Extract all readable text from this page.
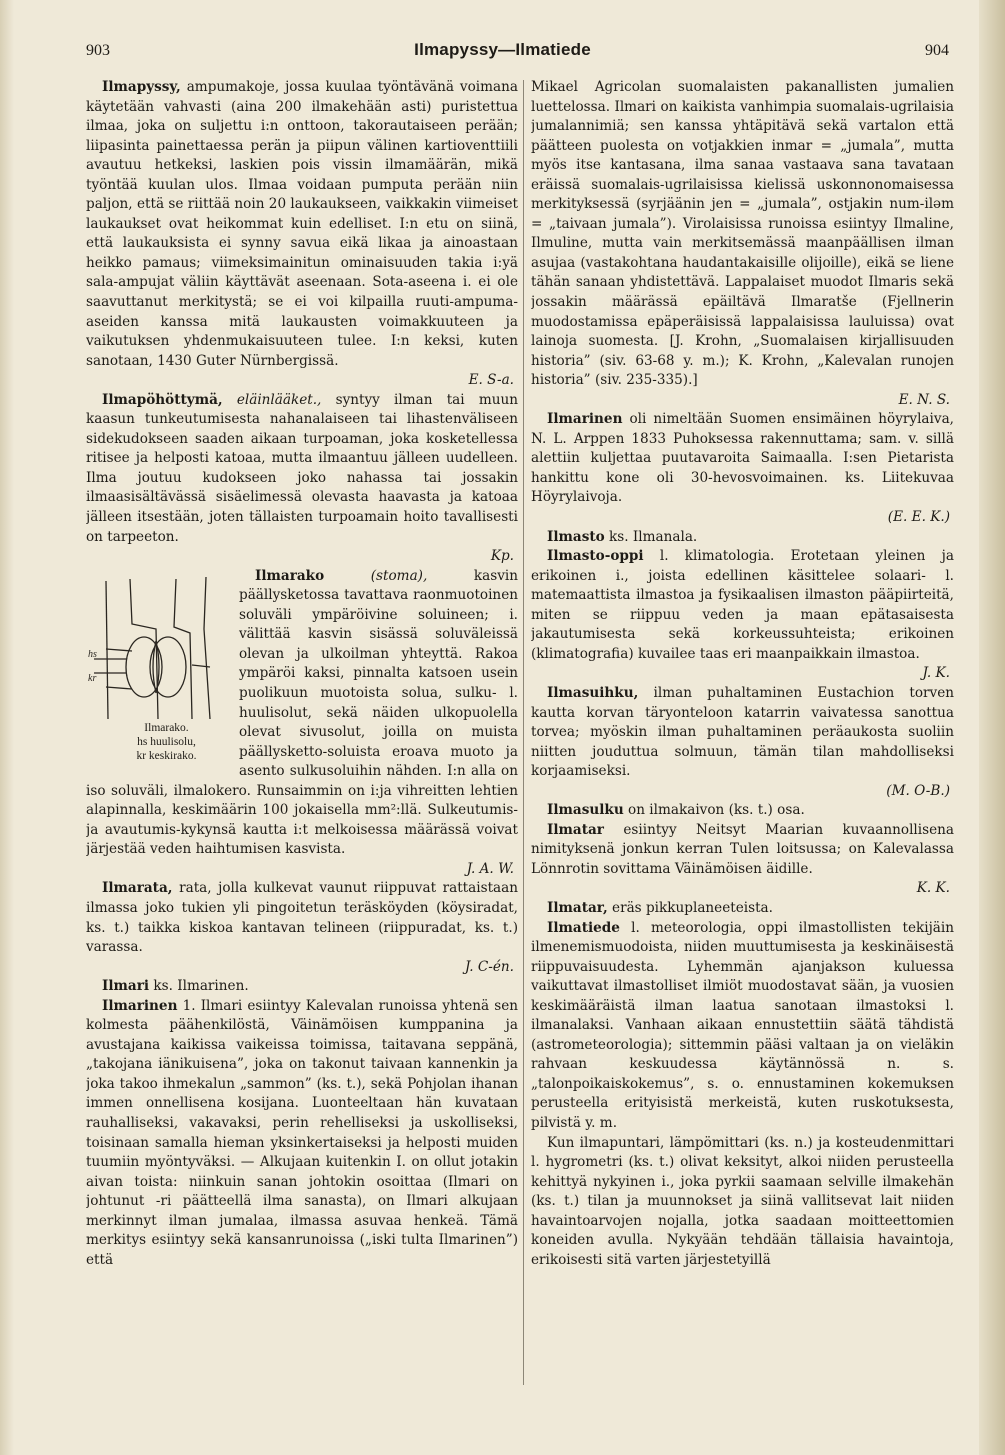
903	Ilmapyssy—Ilmatiede	904

Ilmapyssy, ampumakoje, jossa kuulaa työntävänä voimana käytetään vahvasti (aina 200 ilmakehään asti) puristettua ilmaa, joka on suljettu i:n onttoon, takorautaiseen perään; liipasinta painettaessa perän ja piipun välinen kartioventtiili avautuu hetkeksi, laskien pois vissin ilmamäärän, mikä työntää kuulan ulos. Ilmaa voidaan pumputa perään niin paljon, että se riittää noin 20 laukaukseen, vaikkakin viimeiset laukaukset ovat heikommat kuin edelliset. I:n etu on siinä, että laukauksista ei synny savua eikä likaa ja ainoastaan heikko pamaus; viimeksimainitun ominaisuuden takia i:yä sala-ampujat väliin käyttävät aseenaan. Sota-aseena i. ei ole saavuttanut merkitystä; se ei voi kilpailla ruuti-ampuma-aseiden kanssa mitä laukausten voimakkuuteen ja vaikutuksen yhdenmukaisuuteen tulee. I:n keksi, kuten sanotaan, 1430 Guter Nürnbergissä.
E. S-a.

Ilmapöhöttymä, eläinlääket., syntyy ilman tai muun kaasun tunkeutumisesta nahanalaiseen tai lihastenväliseen sidekudokseen saaden aikaan turpoaman, joka kosketellessa ritisee ja helposti katoaa, mutta ilmaantuu jälleen uudelleen. Ilma joutuu kudokseen joko nahassa tai jossakin ilmaasisältävässä sisäelimessä olevasta haavasta ja katoaa jälleen itsestään, joten tällaisten turpoamain hoito tavallisesti on tarpeeton.
Kp.

Ilmarako (stoma),
hs
kr
Ilmarako.
hs huulisolu,
kr keskirako.
kasvin päällysketossa tavattava raonmuotoinen soluväli ympäröivine soluineen; i. välittää kasvin sisässä soluväleissä olevan ja ulkoilman yhteyttä. Rakoa ympäröi kaksi, pinnalta katsoen usein puolikuun muotoista solua, sulku- l. huulisolut, sekä näiden ulkopuolella olevat sivusolut, joilla on muista päällysketto-soluista eroava muoto ja asento sulkusoluihin nähden. I:n alla on iso soluväli, ilmalokero. Runsaimmin on i:ja vihreitten lehtien alapinnalla, keskimäärin 100 jokaisella mm²:llä. Sulkeutumis- ja avautumis-kykynsä kautta i:t melkoisessa määrässä voivat järjestää veden haihtumisen kasvista.
J. A. W.

Ilmarata, rata, jolla kulkevat vaunut riippuvat rattaistaan ilmassa joko tukien yli pingoitetun teräsköyden (köysiradat, ks. t.) taikka kiskoa kantavan telineen (riippuradat, ks. t.) varassa.
J. C-én.

Ilmari ks. Ilmarinen.

Ilmarinen 1. Ilmari esiintyy Kalevalan runoissa yhtenä sen kolmesta päähenkilöstä, Väinämöisen kumppanina ja avustajana kaikissa vaikeissa toimissa, taitavana seppänä, „takojana iänikuisena”, joka on takonut taivaan kannenkin ja joka takoo ihmekalun „sammon” (ks. t.), sekä Pohjolan ihanan immen onnellisena kosijana. Luonteeltaan hän kuvataan rauhalliseksi, vakavaksi, perin rehelliseksi ja uskolliseksi, toisinaan samalla hieman yksinkertaiseksi ja helposti muiden tuumiin myöntyväksi. — Alkujaan kuitenkin I. on ollut jotakin aivan toista: niinkuin sanan johtokin osoittaa (Ilmari on johtunut -ri päätteellä ilma sanasta), on Ilmari alkujaan merkinnyt ilman jumalaa, ilmassa asuvaa henkeä. Tämä merkitys esiintyy sekä kansanrunoissa („iski tulta Ilmarinen”) että

Mikael Agricolan suomalaisten pakanallisten jumalien luettelossa. Ilmari on kaikista vanhimpia suomalais-ugrilaisia jumalannimiä; sen kanssa yhtäpitävä sekä vartalon että päätteen puolesta on votjakkien inmar = „jumala”, mutta myös itse kantasana, ilma sanaa vastaava sana tavataan eräissä suomalais-ugrilaisissa kielissä uskonnonomaisessa merkityksessä (syrjäänin jen = „jumala”, ostjakin num-iləm = „taivaan jumala”). Virolaisissa runoissa esiintyy Ilmaline, Ilmuline, mutta vain merkitsemässä maanpäällisen ilman asujaa (vastakohtana haudantakaisille olijoille), eikä se liene tähän sanaan yhdistettävä. Lappalaiset muodot Ilmaris sekä jossakin määrässä epäiltävä Ilmaratše (Fjellnerin muodostamissa epäperäisissä lappalaisissa lauluissa) ovat lainoja suomesta. [J. Krohn, „Suomalaisen kirjallisuuden historia” (siv. 63-68 y. m.); K. Krohn, „Kalevalan runojen historia” (siv. 235-335).]
E. N. S.

Ilmarinen oli nimeltään Suomen ensimäinen höyrylaiva, N. L. Arppen 1833 Puhoksessa rakennuttama; sam. v. sillä alettiin kuljettaa puutavaroita Saimaalla. I:sen Pietarista hankittu kone oli 30-hevosvoimainen. ks. Liitekuvaa Höyrylaivoja.
(E. E. K.)

Ilmasto ks. Ilmanala.

Ilmasto-oppi l. klimatologia. Erotetaan yleinen ja erikoinen i., joista edellinen käsittelee solaari- l. matemaattista ilmastoa ja fysikaalisen ilmaston pääpiirteitä, miten se riippuu veden ja maan epätasaisesta jakautumisesta sekä korkeussuhteista; erikoinen (klimatografia) kuvailee taas eri maanpaikkain ilmastoa.
J. K.

Ilmasuihku, ilman puhaltaminen Eustachion torven kautta korvan täryonteloon katarrin vaivatessa sanottua torvea; myöskin ilman puhaltaminen peräaukosta suoliin niitten jouduttua solmuun, tämän tilan mahdolliseksi korjaamiseksi.
(M. O-B.)

Ilmasulku on ilmakaivon (ks. t.) osa.

Ilmatar esiintyy Neitsyt Maarian kuvaannollisena nimityksenä jonkun kerran Tulen loitsussa; on Kalevalassa Lönnrotin sovittama Väinämöisen äidille.
K. K.

Ilmatar, eräs pikkuplaneeteista.

Ilmatiede l. meteorologia, oppi ilmastollisten tekijäin ilmenemismuodoista, niiden muuttumisesta ja keskinäisestä riippuvaisuudesta. Lyhemmän ajanjakson kuluessa vaikuttavat ilmastolliset ilmiöt muodostavat sään, ja vuosien keskimääräistä ilman laatua sanotaan ilmastoksi l. ilmanalaksi. Vanhaan aikaan ennustettiin säätä tähdistä (astrometeorologia); sittemmin pääsi valtaan ja on vieläkin rahvaan keskuudessa käytännössä n. s. „talonpoikaiskokemus”, s. o. ennustaminen kokemuksen perusteella erityisistä merkeistä, kuten ruskotuksesta, pilvistä y. m.

Kun ilmapuntari, lämpömittari (ks. n.) ja kosteudenmittari l. hygrometri (ks. t.) olivat keksityt, alkoi niiden perusteella kehittyä nykyinen i., joka pyrkii saamaan selville ilmakehän (ks. t.) tilan ja muunnokset ja siinä vallitsevat lait niiden havaintoarvojen nojalla, jotka saadaan moitteettomien koneiden avulla. Nykyään tehdään tällaisia havaintoja, erikoisesti sitä varten järjestetyillä
